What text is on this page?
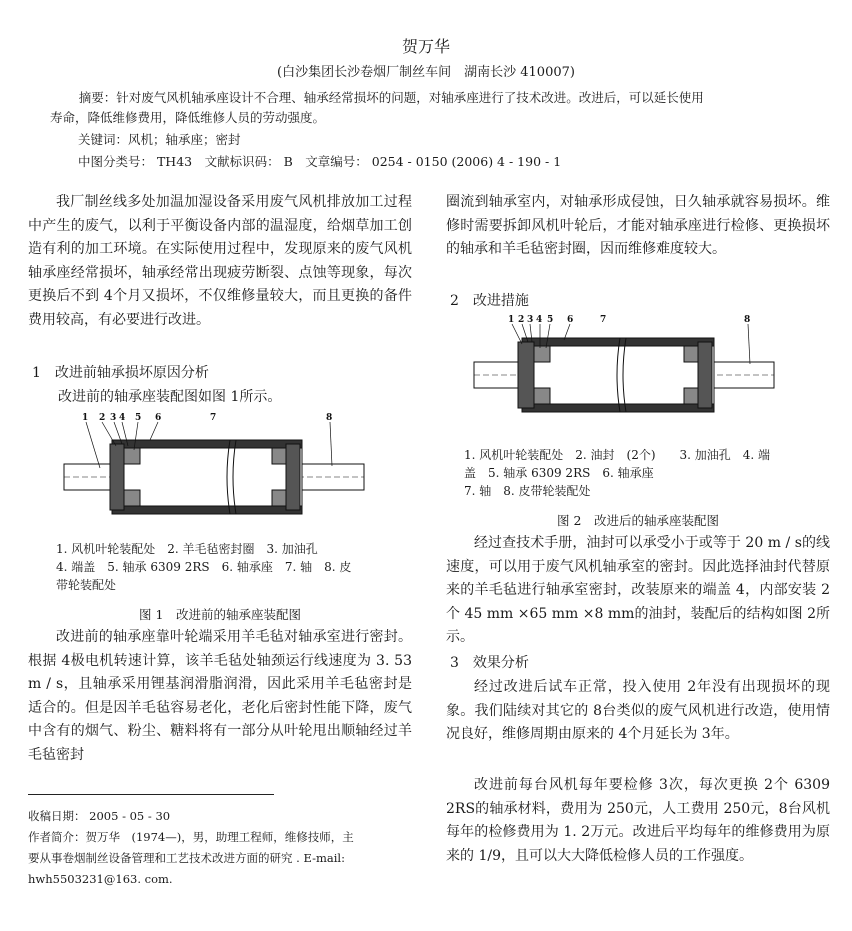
贺万华
(白沙集团长沙卷烟厂制丝车间　湖南长沙 410007)
摘要：针对废气风机轴承座设计不合理、轴承经常损坏的问题，对轴承座进行了技术改进。改进后，可以延长使用
寿命，降低维修费用，降低维修人员的劳动强度。
关键词：风机；轴承座；密封
中图分类号： TH43　文献标识码： B　文章编号： 0254 - 0150 (2006) 4 - 190 - 1

我厂制丝线多处加温加湿设备采用废气风机排放加工过程中产生的废气，以利于平衡设备内部的温湿度，给烟草加工创造有利的加工环境。在实际使用过程中，发现原来的废气风机轴承座经常损坏，轴承经常出现疲劳断裂、点蚀等现象，每次更换后不到 4个月又损坏，不仅维修量较大，而且更换的备件费用较高，有必要进行改进。

1　改进前轴承损坏原因分析
改进前的轴承座装配图如图 1所示。
1 2 3 4 5 6	7	8
1. 风机叶轮装配处　2. 羊毛毡密封圈　3. 加油孔
4. 端盖　5. 轴承 6309 2RS　6. 轴承座　7. 轴　8. 皮
带轮装配处
图 1　改进前的轴承座装配图

改进前的轴承座靠叶轮端采用羊毛毡对轴承室进行密封。根据 4极电机转速计算，该羊毛毡处轴颈运行线速度为 3. 53 m / s，且轴承采用锂基润滑脂润滑，因此采用羊毛毡密封是适合的。但是因羊毛毡容易老化，老化后密封性能下降，废气中含有的烟气、粉尘、糖料将有一部分从叶轮甩出顺轴经过羊毛毡密封

收稿日期： 2005 - 05 - 30
作者简介：贺万华　(1974—)，男，助理工程师，维修技师，主
要从事卷烟制丝设备管理和工艺技术改进方面的研究 . E-mail:
hwh5503231@163. com.

圈流到轴承室内，对轴承形成侵蚀，日久轴承就容易损坏。维修时需要拆卸风机叶轮后，才能对轴承座进行检修、更换损坏的轴承和羊毛毡密封圈，因而维修难度较大。

2　改进措施
1 2 3 4 5 6	7	8
1. 风机叶轮装配处　2. 油封　(2个)　　3. 加油孔　4. 端
盖　5. 轴承 6309 2RS　6. 轴承座
7. 轴　8. 皮带轮装配处
图 2　改进后的轴承座装配图

经过查技术手册，油封可以承受小于或等于 20 m / s的线速度，可以用于废气风机轴承室的密封。因此选择油封代替原来的羊毛毡进行轴承室密封，改装原来的端盖 4，内部安装 2个 45 mm ×65 mm ×8 mm的油封，装配后的结构如图 2所示。

3　效果分析

经过改进后试车正常，投入使用 2年没有出现损坏的现象。我们陆续对其它的 8台类似的废气风机进行改造，使用情况良好，维修周期由原来的 4个月延长为 3年。

改进前每台风机每年要检修 3次，每次更换 2个 6309 2RS的轴承材料，费用为 250元，人工费用 250元，8台风机每年的检修费用为 1. 2万元。改进后平均每年的维修费用为原来的 1/9，且可以大大降低检修人员的工作强度。
